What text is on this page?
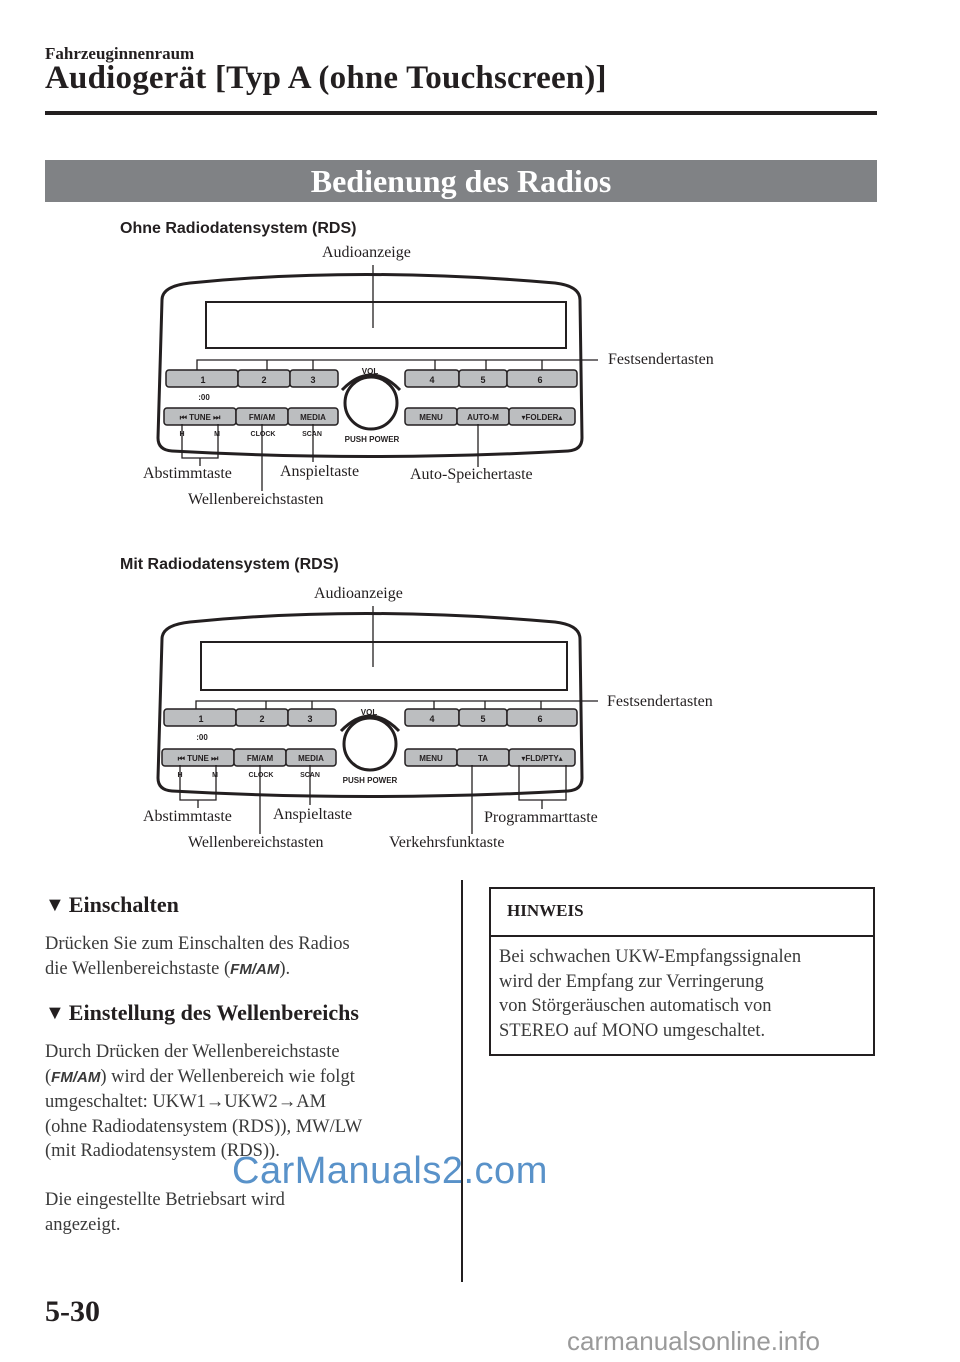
Fahrzeuginnenraum
Audiogerät [Typ A (ohne Touchscreen)]
Bedienung des Radios
Ohne Radiodatensystem (RDS)
Audioanzeige
Festsendertasten
Abstimmtaste	Anspieltaste	Auto-Speichertaste
Wellenbereichstasten
1	2	3	4	5	6
:00
VOL
⏮ TUNE ⏭	FM/AM	MEDIA	MENU	AUTO-M	▾FOLDER▴
H	M	CLOCK	SCAN
PUSH POWER
Mit Radiodatensystem (RDS)
Audioanzeige
Festsendertasten
Abstimmtaste	Anspieltaste	Programmarttaste
Wellenbereichstasten	Verkehrsfunktaste
1	2	3	4	5	6
:00
VOL
⏮ TUNE ⏭	FM/AM	MEDIA	MENU	TA	▾FLD/PTY▴
H	M	CLOCK	SCAN
PUSH POWER
▼ Einschalten
Drücken Sie zum Einschalten des Radios
die Wellenbereichstaste (FM/AM).
▼ Einstellung des Wellenbereichs
Durch Drücken der Wellenbereichstaste
(FM/AM) wird der Wellenbereich wie folgt
umgeschaltet: UKW1→UKW2→AM
(ohne Radiodatensystem (RDS)), MW/LW
(mit Radiodatensystem (RDS)).
Die eingestellte Betriebsart wird
angezeigt.
HINWEIS
Bei schwachen UKW-Empfangssignalen
wird der Empfang zur Verringerung
von Störgeräuschen automatisch von
STEREO auf MONO umgeschaltet.
CarManuals2.com
5-30
carmanualsonline.info
